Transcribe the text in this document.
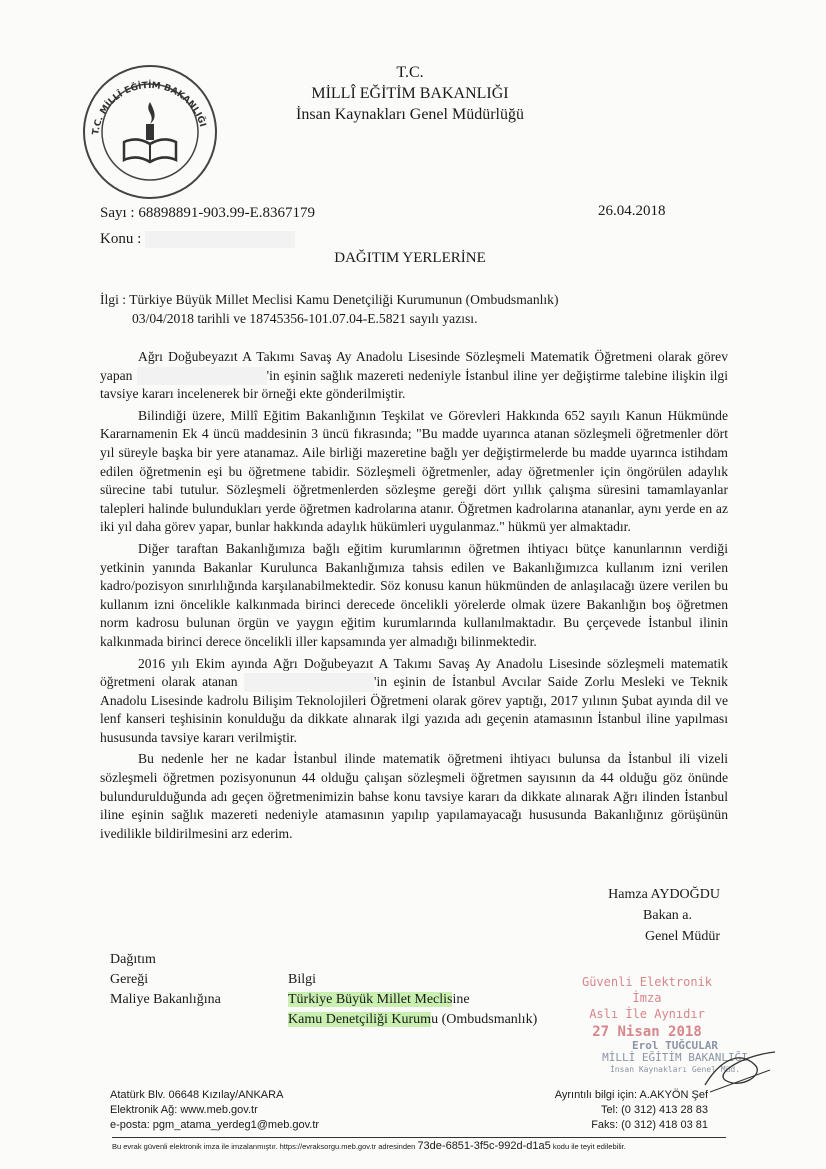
T.C. MİLLÎ EĞİTİM BAKANLIĞI
T.C.
MİLLÎ EĞİTİM BAKANLIĞI
İnsan Kaynakları Genel Müdürlüğü
Sayı : 68898891-903.99-E.8367179	26.04.2018
Konu :
DAĞITIM YERLERİNE
İlgi : Türkiye Büyük Millet Meclisi Kamu Denetçiliği Kurumunun (Ombudsmanlık)
03/04/2018 tarihli ve 18745356-101.07.04-E.5821 sayılı yazısı.

Ağrı Doğubeyazıt A Takımı Savaş Ay Anadolu Lisesinde Sözleşmeli Matematik Öğretmeni olarak görev yapan	'in eşinin sağlık mazereti nedeniyle İstanbul iline yer değiştirme talebine ilişkin ilgi tavsiye kararı incelenerek bir örneği ekte gönderilmiştir.

Bilindiği üzere, Millî Eğitim Bakanlığının Teşkilat ve Görevleri Hakkında 652 sayılı Kanun Hükmünde Kararnamenin Ek 4 üncü maddesinin 3 üncü fıkrasında; "Bu madde uyarınca atanan sözleşmeli öğretmenler dört yıl süreyle başka bir yere atanamaz. Aile birliği mazeretine bağlı yer değiştirmelerde bu madde uyarınca istihdam edilen öğretmenin eşi bu öğretmene tabidir. Sözleşmeli öğretmenler, aday öğretmenler için öngörülen adaylık sürecine tabi tutulur. Sözleşmeli öğretmenlerden sözleşme gereği dört yıllık çalışma süresini tamamlayanlar talepleri halinde bulundukları yerde öğretmen kadrolarına atanır. Öğretmen kadrolarına atananlar, aynı yerde en az iki yıl daha görev yapar, bunlar hakkında adaylık hükümleri uygulanmaz." hükmü yer almaktadır.

Diğer taraftan Bakanlığımıza bağlı eğitim kurumlarının öğretmen ihtiyacı bütçe kanunlarının verdiği yetkinin yanında Bakanlar Kurulunca Bakanlığımıza tahsis edilen ve Bakanlığımızca kullanım izni verilen kadro/pozisyon sınırlılığında karşılanabilmektedir. Söz konusu kanun hükmünden de anlaşılacağı üzere verilen bu kullanım izni öncelikle kalkınmada birinci derecede öncelikli yörelerde olmak üzere Bakanlığın boş öğretmen norm kadrosu bulunan örgün ve yaygın eğitim kurumlarında kullanılmaktadır. Bu çerçevede İstanbul ilinin kalkınmada birinci derece öncelikli iller kapsamında yer almadığı bilinmektedir.

2016 yılı Ekim ayında Ağrı Doğubeyazıt A Takımı Savaş Ay Anadolu Lisesinde sözleşmeli matematik öğretmeni olarak atanan	'in eşinin de İstanbul Avcılar Saide Zorlu Mesleki ve Teknik Anadolu Lisesinde kadrolu Bilişim Teknolojileri Öğretmeni olarak görev yaptığı, 2017 yılının Şubat ayında dil ve lenf kanseri teşhisinin konulduğu da dikkate alınarak ilgi yazıda adı geçenin atamasının İstanbul iline yapılması hususunda tavsiye kararı verilmiştir.

Bu nedenle her ne kadar İstanbul ilinde matematik öğretmeni ihtiyacı bulunsa da İstanbul ili vizeli sözleşmeli öğretmen pozisyonunun 44 olduğu çalışan sözleşmeli öğretmen sayısının da 44 olduğu göz önünde bulundurulduğunda adı geçen öğretmenimizin bahse konu tavsiye kararı da dikkate alınarak Ağrı ilinden İstanbul iline eşinin sağlık mazereti nedeniyle atamasının yapılıp yapılamayacağı hususunda Bakanlığınız görüşünün ivedilikle bildirilmesini arz ederim.

Hamza AYDOĞDU
Bakan a.
Genel Müdür
Dağıtım
Gereği
Maliye Bakanlığına
Bilgi
Türkiye Büyük Millet Meclisine
Kamu Denetçiliği Kurumu (Ombudsmanlık)
Güvenli Elektronik İmza
Aslı İle Aynıdır
27 Nisan 2018
Erol TUĞCULAR
MİLLİ EĞİTİM BAKANLIĞI
İnsan Kaynakları Genel Müd.
Atatürk Blv. 06648 Kızılay/ANKARA
Elektronik Ağ: www.meb.gov.tr
e-posta: pgm_atama_yerdeg1@meb.gov.tr
Ayrıntılı bilgi için: A.AKYÖN Şef
Tel: (0 312) 413 28 83
Faks: (0 312) 418 03 81
Bu evrak güvenli elektronik imza ile imzalanmıştır. https://evraksorgu.meb.gov.tr adresinden 73de-6851-3f5c-992d-d1a5 kodu ile teyit edilebilir.
